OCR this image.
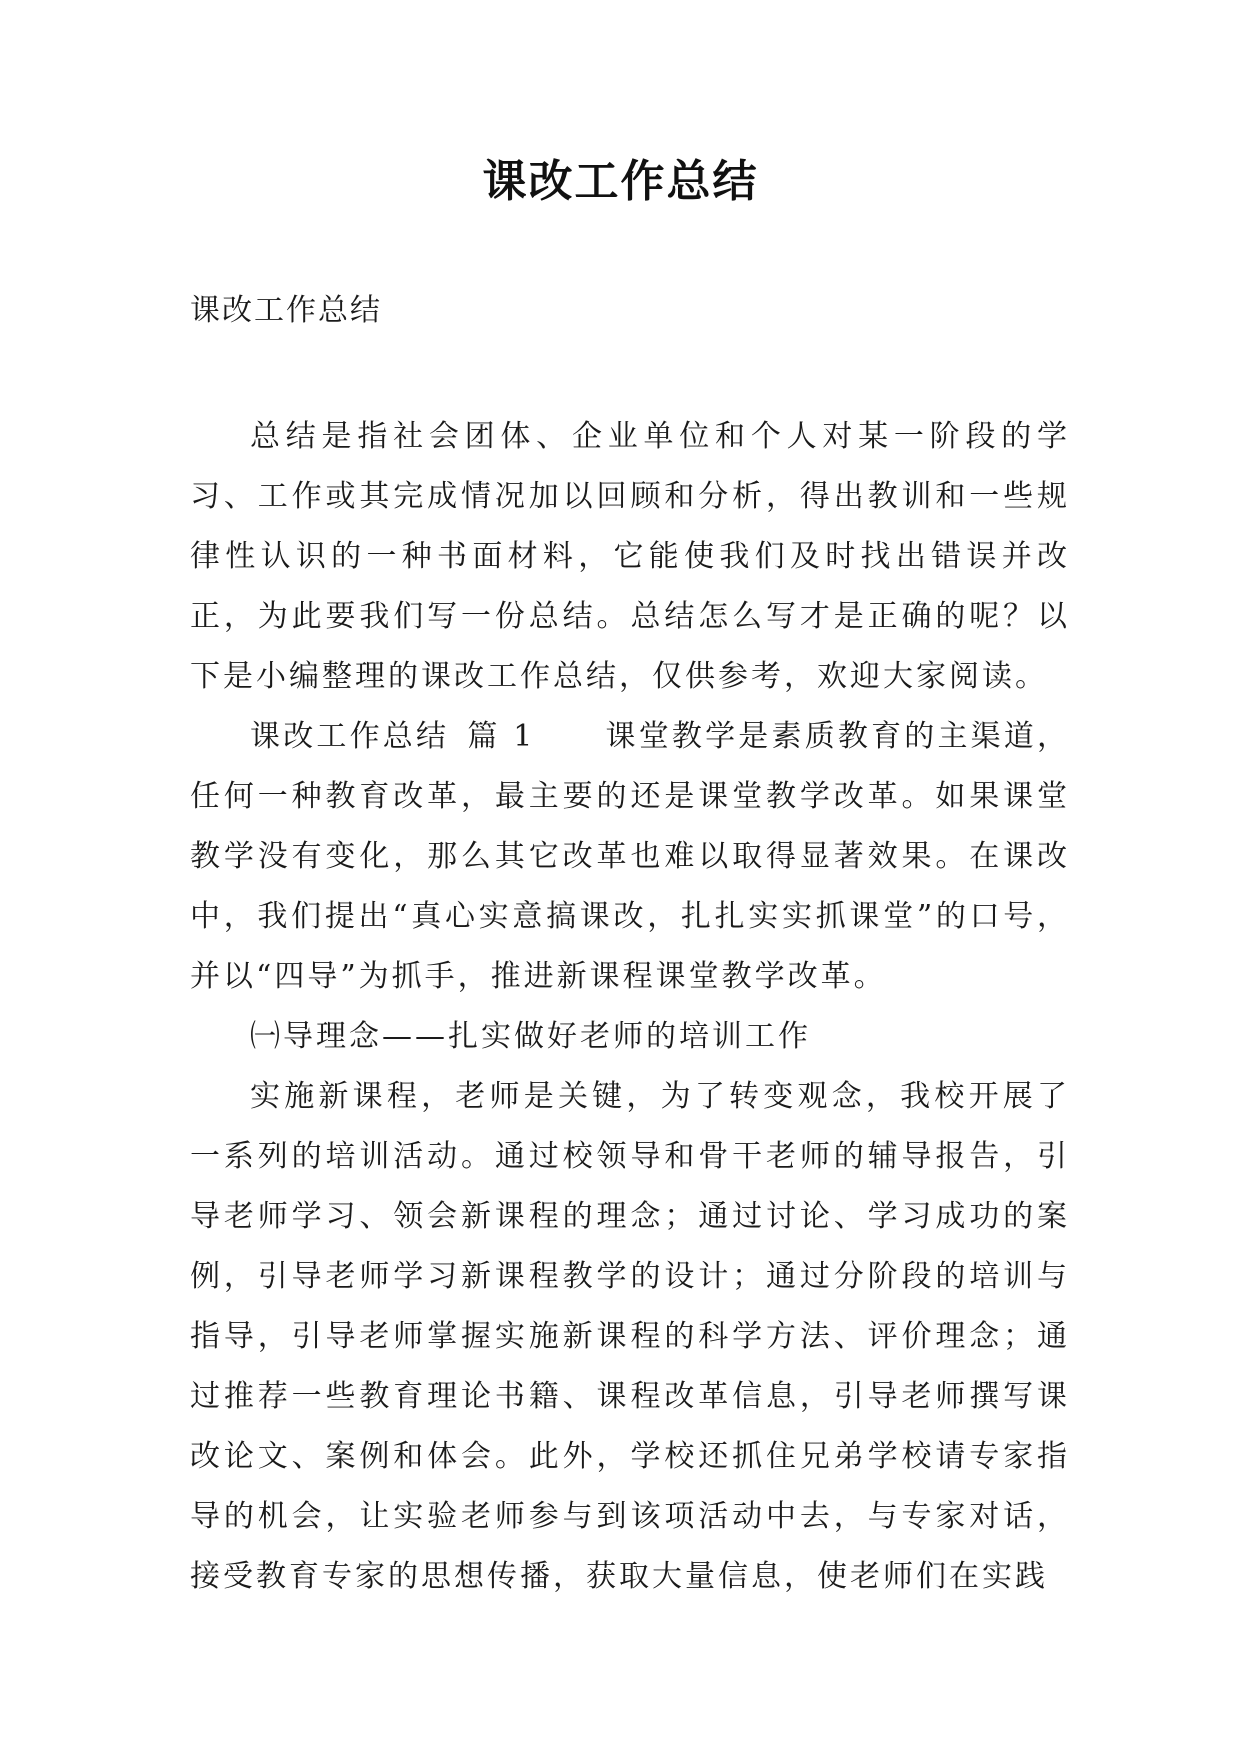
课改工作总结

课改工作总结

总结是指社会团体、企业单位和个人对某一阶段的学习、工作或其完成情况加以回顾和分析，得出教训和一些规律性认识的一种书面材料，它能使我们及时找出错误并改正，为此要我们写一份总结。总结怎么写才是正确的呢？以下是小编整理的课改工作总结，仅供参考，欢迎大家阅读。

课改工作总结 篇 1 课堂教学是素质教育的主渠道，任何一种教育改革，最主要的还是课堂教学改革。如果课堂教学没有变化，那么其它改革也难以取得显著效果。在课改中，我们提出“真心实意搞课改，扎扎实实抓课堂”的口号，并以“四导”为抓手，推进新课程课堂教学改革。

㈠导理念——扎实做好老师的培训工作

实施新课程，老师是关键，为了转变观念，我校开展了一系列的培训活动。通过校领导和骨干老师的辅导报告，引导老师学习、领会新课程的理念；通过讨论、学习成功的案例，引导老师学习新课程教学的设计；通过分阶段的培训与指导，引导老师掌握实施新课程的科学方法、评价理念；通过推荐一些教育理论书籍、课程改革信息，引导老师撰写课改论文、案例和体会。此外，学校还抓住兄弟学校请专家指导的机会，让实验老师参与到该项活动中去，与专家对话，接受教育专家的思想传播，获取大量信息，使老师们在实践
